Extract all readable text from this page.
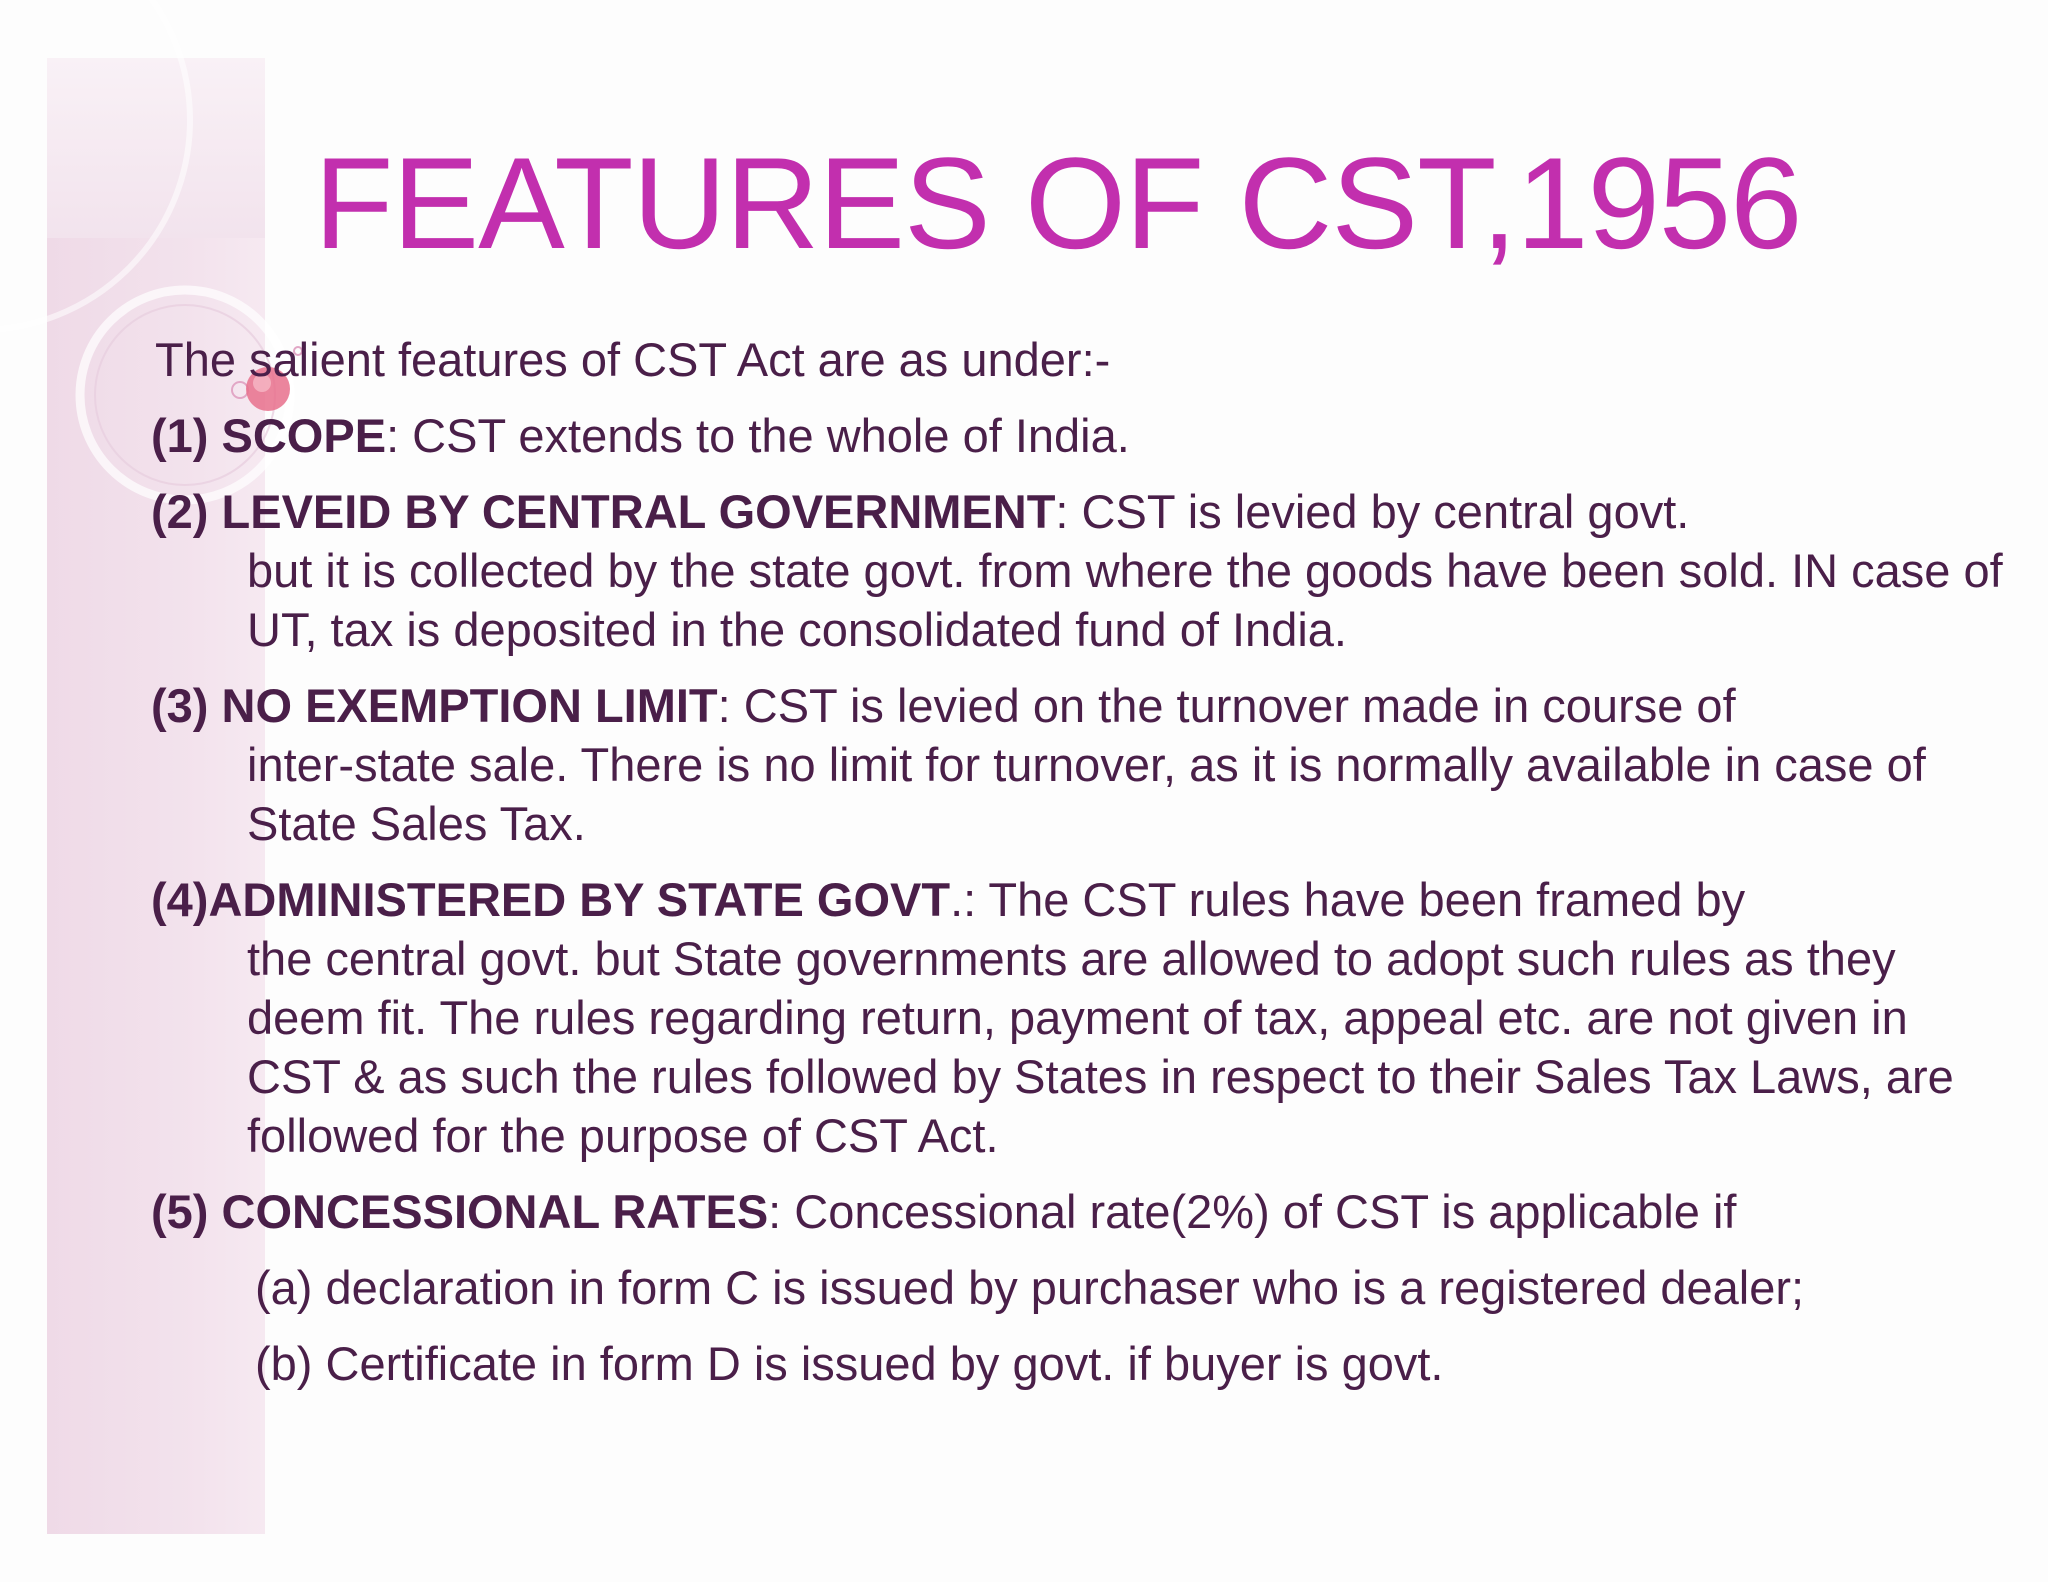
FEATURES OF CST,1956

The salient features of CST Act are as under:-

(1) SCOPE: CST extends to the whole of India.

(2) LEVEID BY CENTRAL GOVERNMENT: CST is levied by central govt.

but it is collected by the state govt. from where the goods have been sold. IN case of UT, tax is deposited in the consolidated fund of India.

(3) NO EXEMPTION LIMIT: CST is levied on the turnover made in course of

inter-state sale. There is no limit for turnover, as it is normally available in case of State Sales Tax.

(4)ADMINISTERED BY STATE GOVT.: The CST rules have been framed by

the central govt. but State governments are allowed to adopt such rules as they deem fit. The rules regarding return, payment of tax, appeal etc. are not given in CST & as such the rules followed by States in respect to their Sales Tax Laws, are followed for the purpose of CST Act.

(5) CONCESSIONAL RATES: Concessional rate(2%) of CST is applicable if

(a) declaration in form C is issued by purchaser who is a registered dealer;

(b) Certificate in form D is issued by govt. if buyer is govt.
